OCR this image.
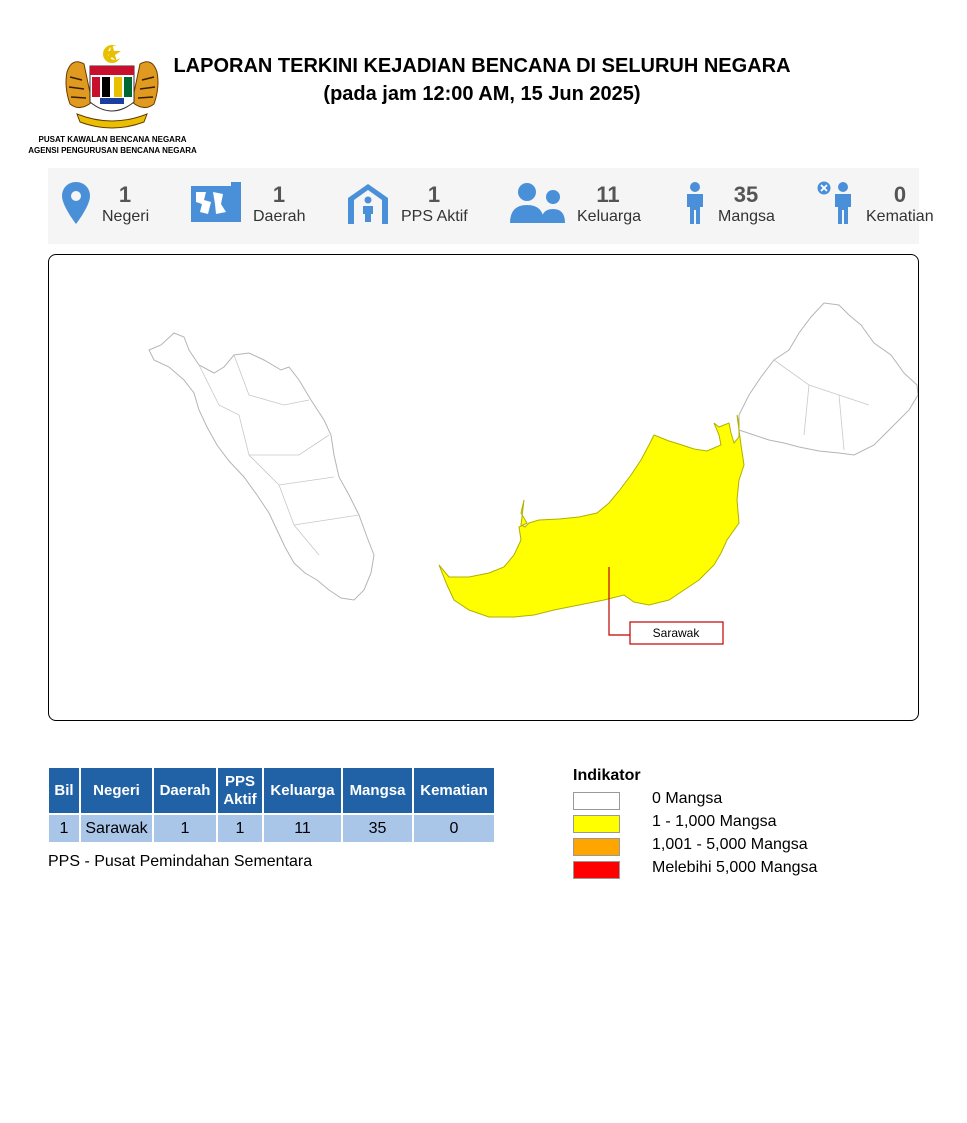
LAPORAN TERKINI KEJADIAN BENCANA DI SELURUH NEGARA
(pada jam 12:00 AM, 15 Jun 2025)
PUSAT KAWALAN BENCANA NEGARA
AGENSI PENGURUSAN BENCANA NEGARA
1
Negeri
1
Daerah
1
PPS Aktif
11
Keluarga
35
Mangsa
0
Kematian
Sarawak
Bil	Negeri	Daerah	PPS Aktif	Keluarga	Mangsa	Kematian
1	Sarawak	1	1	11	35	0
PPS - Pusat Pemindahan Sementara
Indikator
0 Mangsa
1 - 1,000 Mangsa
1,001 - 5,000 Mangsa
Melebihi 5,000 Mangsa
